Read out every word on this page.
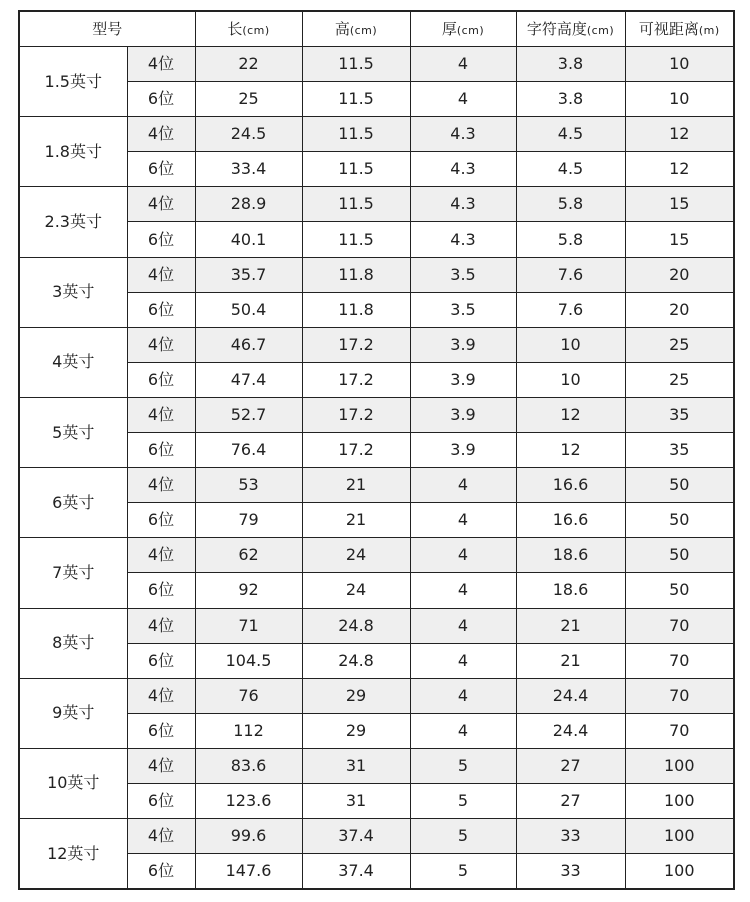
型号		长(cm)	高(cm)	厚(cm)	字符高度(cm)	可视距离(m)
1.5英寸	4位	22	11.5	4	3.8	10
	6位	25	11.5	4	3.8	10
1.8英寸	4位	24.5	11.5	4.3	4.5	12
	6位	33.4	11.5	4.3	4.5	12
2.3英寸	4位	28.9	11.5	4.3	5.8	15
	6位	40.1	11.5	4.3	5.8	15
3英寸	4位	35.7	11.8	3.5	7.6	20
	6位	50.4	11.8	3.5	7.6	20
4英寸	4位	46.7	17.2	3.9	10	25
	6位	47.4	17.2	3.9	10	25
5英寸	4位	52.7	17.2	3.9	12	35
	6位	76.4	17.2	3.9	12	35
6英寸	4位	53	21	4	16.6	50
	6位	79	21	4	16.6	50
7英寸	4位	62	24	4	18.6	50
	6位	92	24	4	18.6	50
8英寸	4位	71	24.8	4	21	70
	6位	104.5	24.8	4	21	70
9英寸	4位	76	29	4	24.4	70
	6位	112	29	4	24.4	70
10英寸	4位	83.6	31	5	27	100
	6位	123.6	31	5	27	100
12英寸	4位	99.6	37.4	5	33	100
	6位	147.6	37.4	5	33	100
